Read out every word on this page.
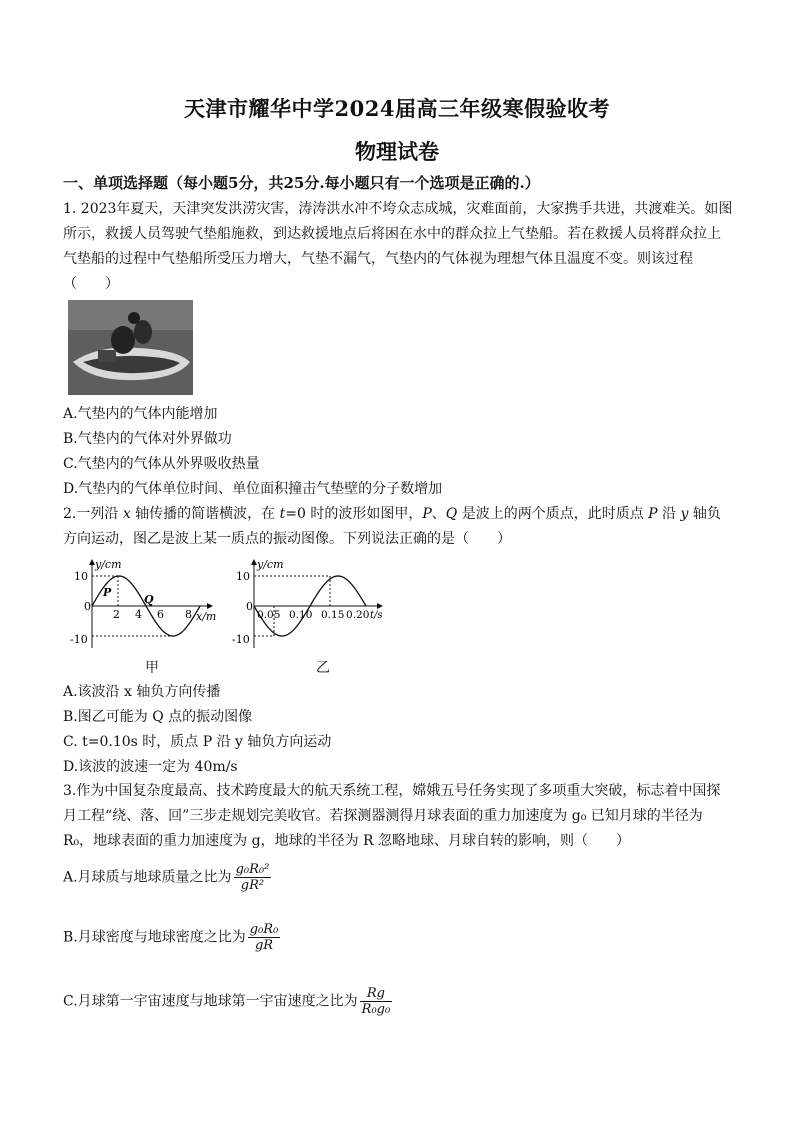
天津市耀华中学2024届高三年级寒假验收考
物理试卷
一、单项选择题（每小题5分，共25分.每小题只有一个选项是正确的.）
1. 2023年夏天，天津突发洪涝灾害，涛涛洪水冲不垮众志成城，灾难面前，大家携手共进，共渡难关。如图所示，救援人员驾驶气垫船施救，到达救援地点后将困在水中的群众拉上气垫船。若在救援人员将群众拉上气垫船的过程中气垫船所受压力增大，气垫不漏气，气垫内的气体视为理想气体且温度不变。则该过程（　　）
A.气垫内的气体内能增加
B.气垫内的气体对外界做功
C.气垫内的气体从外界吸收热量
D.气垫内的气体单位时间、单位面积撞击气垫壁的分子数增加
2.一列沿 x 轴传播的简谐横波，在 t=0 时的波形如图甲，P、Q 是波上的两个质点，此时质点 P 沿 y 轴负方向运动，图乙是波上某一质点的振动图像。下列说法正确的是（　　）
y/cm
x/m
10
-10
0
2 4 6 8
P
Q
甲
y/cm
t/s
10
-10
0
0.05 0.10 0.15 0.20
乙
A.该波沿 x 轴负方向传播
B.图乙可能为 Q 点的振动图像
C. t=0.10s 时，质点 P 沿 y 轴负方向运动
D.该波的波速一定为 40m/s
3.作为中国复杂度最高、技术跨度最大的航天系统工程，嫦娥五号任务实现了多项重大突破，标志着中国探月工程“绕、落、回”三步走规划完美收官。若探测器测得月球表面的重力加速度为 g₀ 已知月球的半径为 R₀，地球表面的重力加速度为 g，地球的半径为 R 忽略地球、月球自转的影响，则（　　）
A.月球质与地球质量之比为 $\frac{\text{g₀R₀²}}{\text{gR²}}$
B.月球密度与地球密度之比为 $\frac{\text{g₀R₀}}{gR}$
C.月球第一宇宙速度与地球第一宇宙速度之比为 $\frac{Rg}{\text{R₀g₀}}$
